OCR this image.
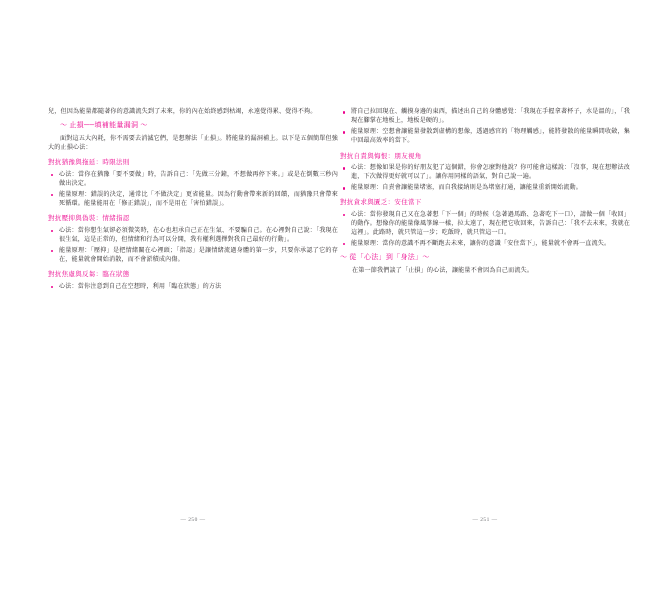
兒，但因為能量都隨著你的意識流失到了未來，你的內在始終感到枯竭，永遠覺得累、覺得不夠。

～ 止損──填補能量漏洞 ～

面對這五大內耗，你不需要去消滅它們，是想辦法「止損」。將能量的漏洞補上。以下是五個簡單但強大的止損心法：

對抗猶豫與拖延：時限法則
心法：當你在猶豫「要不要做」時，告訴自己：「先做三分鐘，不想做再停下來。」或是在倒數三秒內做出決定。
能量原理：錯誤的決定，通常比「不做決定」更省能量。因為行動會帶來新的回饋，而猶豫只會帶來死循環。能量能用在「修正錯誤」，而不是用在「害怕錯誤」。
對抗壓抑與偽裝：情緒指認
心法：當你想生氣卻必須微笑時，在心也坦承自己正在生氣、不要騙自己。在心裡對自己說：「我現在很生氣，這是正常的，但情緒和行為可以分開，我有權利選擇對我自己最好的行動」。
能量原理：「壓抑」是把情緒關在心裡頭；「指認」是讓情緒流過身體的第一步，只要你承認了它的存在，能量就會開始消散，而不會淤積成內傷。
對抗焦慮與反芻：臨在狀態
心法：當你注意到自己在空想時，利用「臨在狀態」的方法
— 250 —
將自己拉回現在、觸摸身邊的東西，描述出自己的身體感覺：「我現在手握拿著杯子，水是溫的」，「我現在腳掌在地板上，地板是硬的」。
能量原理：空想會讓能量發散到虛構的想像，透過感官的「物理觸感」，能將發散的能量瞬間收斂，集中回最高效率的當下。
對抗自責與悔恨：朋友視角
心法：想像如果是你的好朋友犯了這個錯，你會怎麼對他說？你可能會這樣說：「沒事，現在想辦法改進，下次做得更好就可以了」。讓你用同樣的語氣，對自己說一遍。
能量原理：自責會讓能量堵塞，而自我接納則是為堵塞打通，讓能量重新開始流動。
對抗貪求與匱乏：安住當下
心法：當你發現自己又在急著想「下一個」的時候（急著過馬路、急著吃下一口），請做一個「收回」的動作。想像你的能量像風箏線一樣，拉太遠了，現在把它收回來，告訴自己：「我不去未來，我就在這裡」。此路時，就只管這一步；吃飯時，就只管這一口。
能量原理：當你的意識不再不斷跑去未來，讓你的意識「安住當下」，能量就不會再一直流失。
～ 從「心法」到「身法」～

在第一節我們談了「止損」的心法，讓能量不會因為自己而流失。

— 251 —
